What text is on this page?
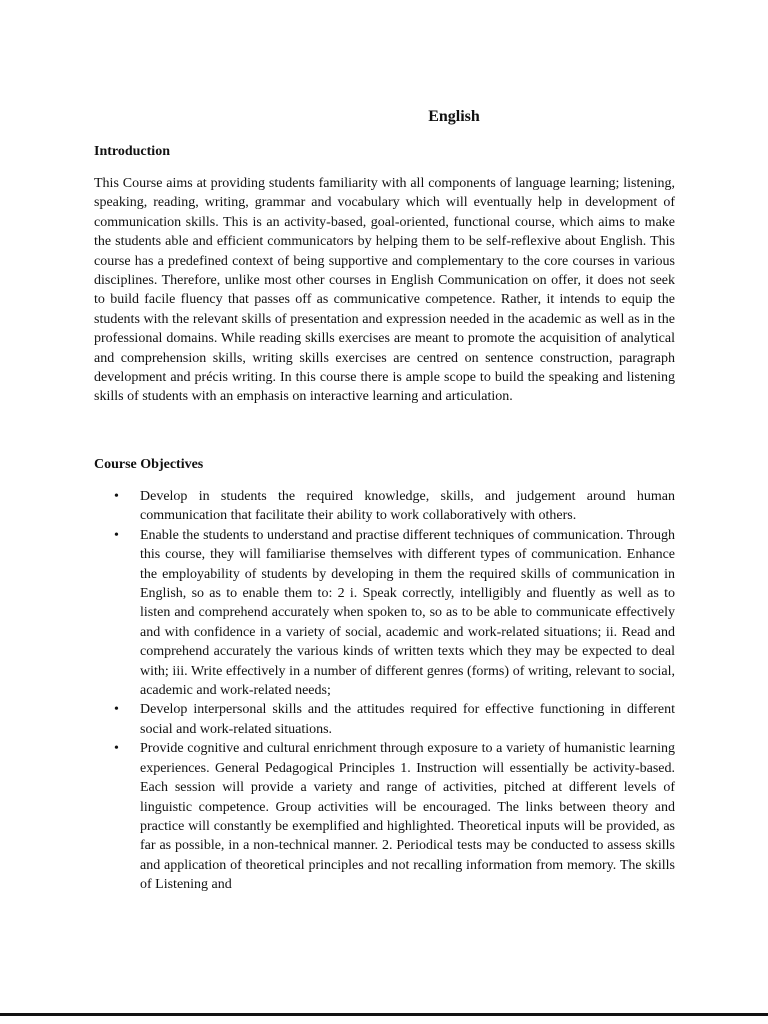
English
Introduction

This Course aims at providing students familiarity with all components of language learning; listening, speaking, reading, writing, grammar and vocabulary which will eventually help in development of communication skills. This is an activity-based, goal-oriented, functional course, which aims to make the students able and efficient communicators by helping them to be self-reflexive about English. This course has a predefined context of being supportive and complementary to the core courses in various disciplines. Therefore, unlike most other courses in English Communication on offer, it does not seek to build facile fluency that passes off as communicative competence. Rather, it intends to equip the students with the relevant skills of presentation and expression needed in the academic as well as in the professional domains. While reading skills exercises are meant to promote the acquisition of analytical and comprehension skills, writing skills exercises are centred on sentence construction, paragraph development and précis writing. In this course there is ample scope to build the speaking and listening skills of students with an emphasis on interactive learning and articulation.

Course Objectives
• Develop in students the required knowledge, skills, and judgement around human communication that facilitate their ability to work collaboratively with others.
• Enable the students to understand and practise different techniques of communication. Through this course, they will familiarise themselves with different types of communication. Enhance the employability of students by developing in them the required skills of communication in English, so as to enable them to: 2 i. Speak correctly, intelligibly and fluently as well as to listen and comprehend accurately when spoken to, so as to be able to communicate effectively and with confidence in a variety of social, academic and work-related situations; ii. Read and comprehend accurately the various kinds of written texts which they may be expected to deal with; iii. Write effectively in a number of different genres (forms) of writing, relevant to social, academic and work-related needs;
• Develop interpersonal skills and the attitudes required for effective functioning in different social and work-related situations.
• Provide cognitive and cultural enrichment through exposure to a variety of humanistic learning experiences. General Pedagogical Principles 1. Instruction will essentially be activity-based. Each session will provide a variety and range of activities, pitched at different levels of linguistic competence. Group activities will be encouraged. The links between theory and practice will constantly be exemplified and highlighted. Theoretical inputs will be provided, as far as possible, in a non-technical manner. 2. Periodical tests may be conducted to assess skills and application of theoretical principles and not recalling information from memory. The skills of Listening and
